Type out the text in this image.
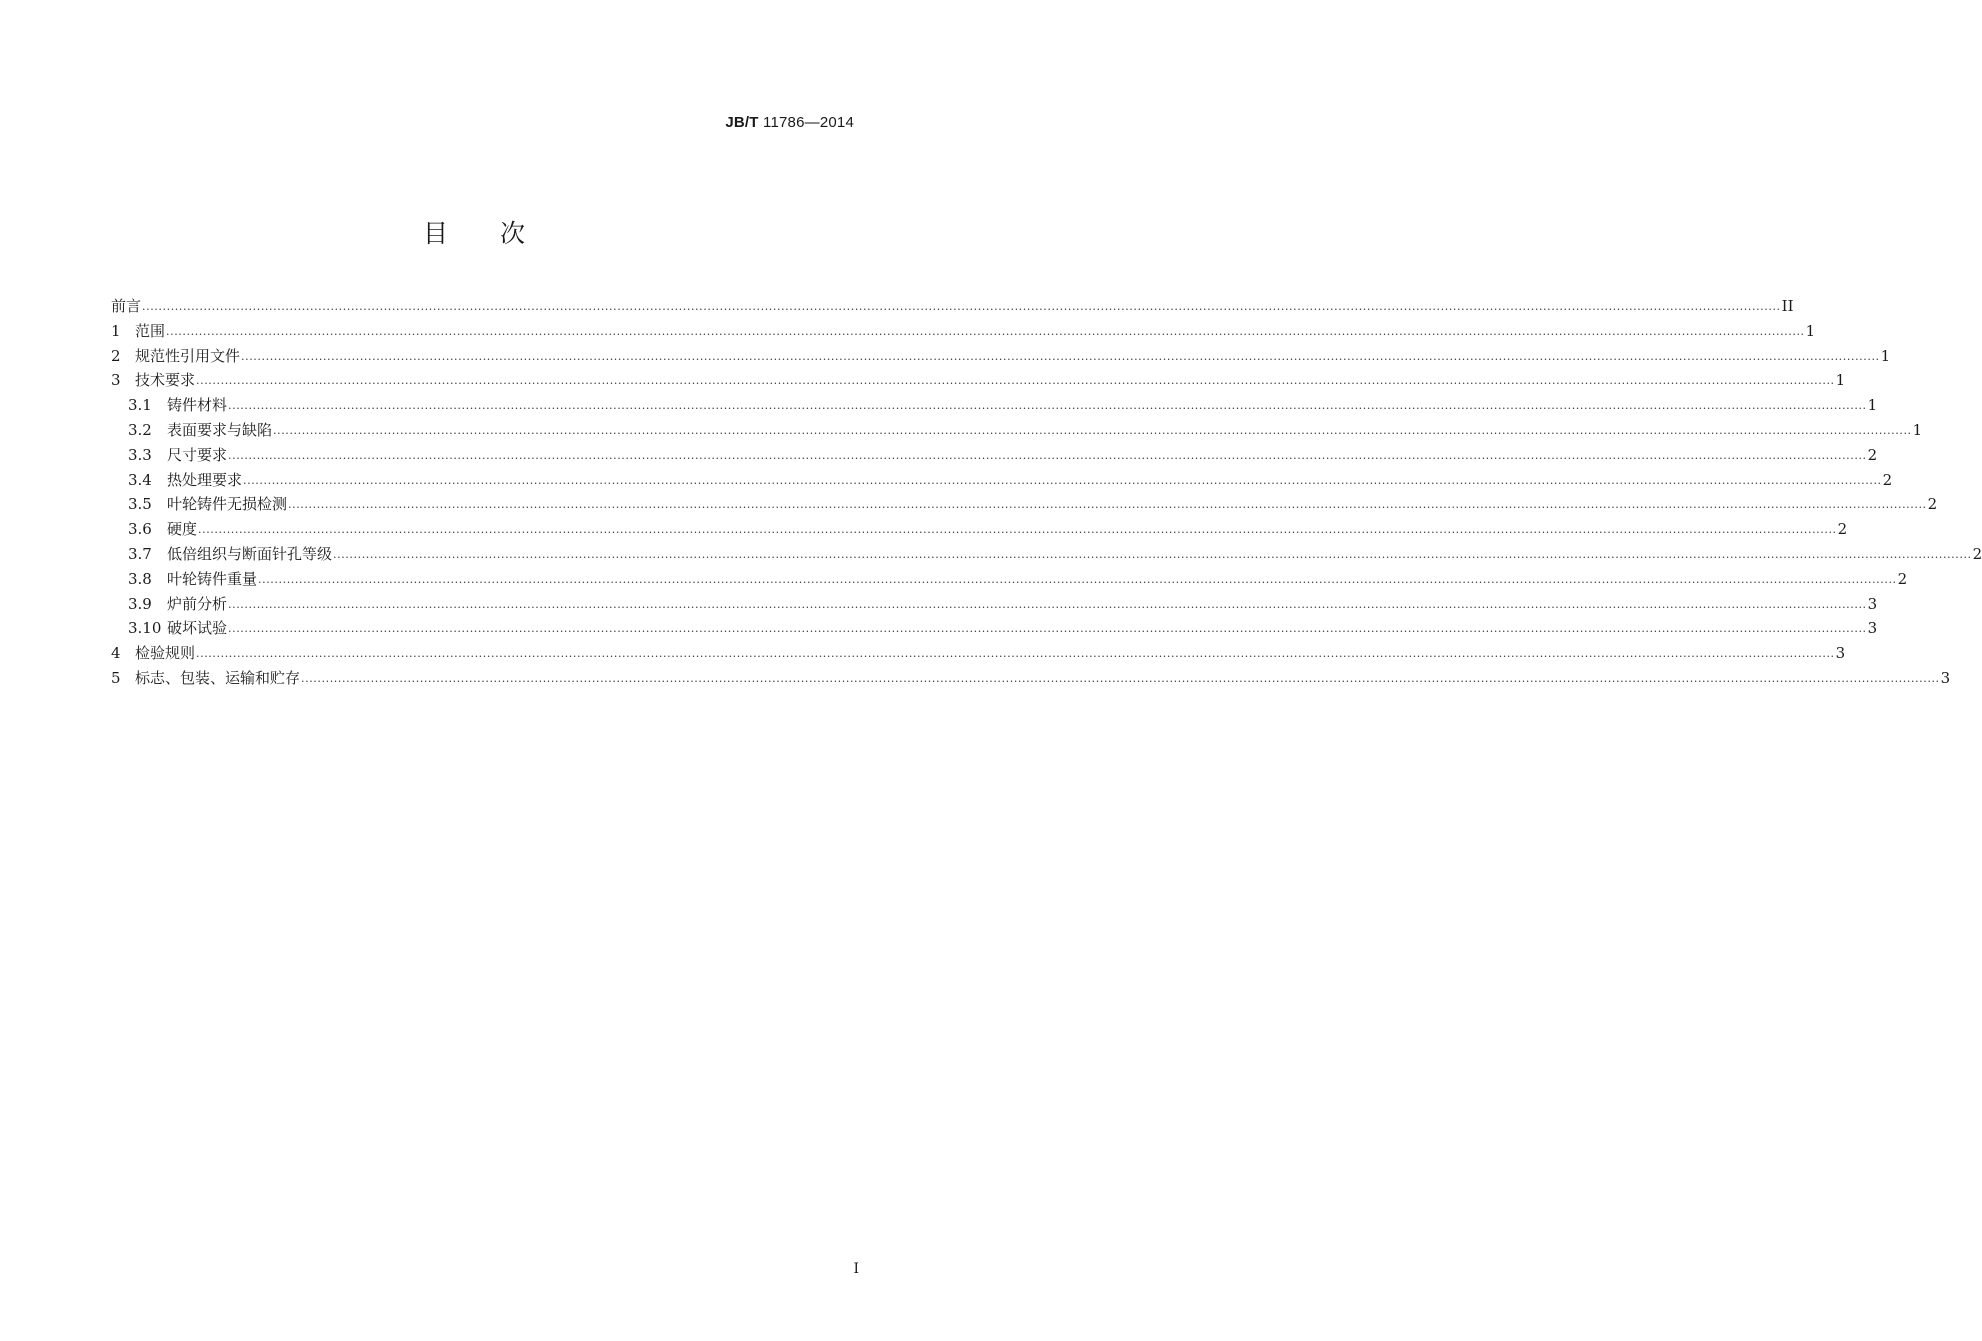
JB/T 11786—2014
目 次
前言 ................................................................................................................................................................................................................................................................................................................................................................................................................ II
1 范围 ................................................................................................................................................................................................................................................................................................................................................................................................................ 1
2 规范性引用文件 ................................................................................................................................................................................................................................................................................................................................................................................................................ 1
3 技术要求 ................................................................................................................................................................................................................................................................................................................................................................................................................ 1
3.1	铸件材料 ................................................................................................................................................................................................................................................................................................................................................................................................................ 1
3.2	表面要求与缺陷 ................................................................................................................................................................................................................................................................................................................................................................................................................ 1
3.3	尺寸要求 ................................................................................................................................................................................................................................................................................................................................................................................................................ 2
3.4	热处理要求 ................................................................................................................................................................................................................................................................................................................................................................................................................ 2
3.5	叶轮铸件无损检测 ................................................................................................................................................................................................................................................................................................................................................................................................................ 2
3.6	硬度 ................................................................................................................................................................................................................................................................................................................................................................................................................ 2
3.7	低倍组织与断面针孔等级 ................................................................................................................................................................................................................................................................................................................................................................................................................ 2
3.8	叶轮铸件重量 ................................................................................................................................................................................................................................................................................................................................................................................................................ 2
3.9	炉前分析 ................................................................................................................................................................................................................................................................................................................................................................................................................ 3
3.10 破坏试验 ................................................................................................................................................................................................................................................................................................................................................................................................................ 3
4 检验规则 ................................................................................................................................................................................................................................................................................................................................................................................................................ 3
5 标志、包装、运输和贮存 ................................................................................................................................................................................................................................................................................................................................................................................................................ 3
I
